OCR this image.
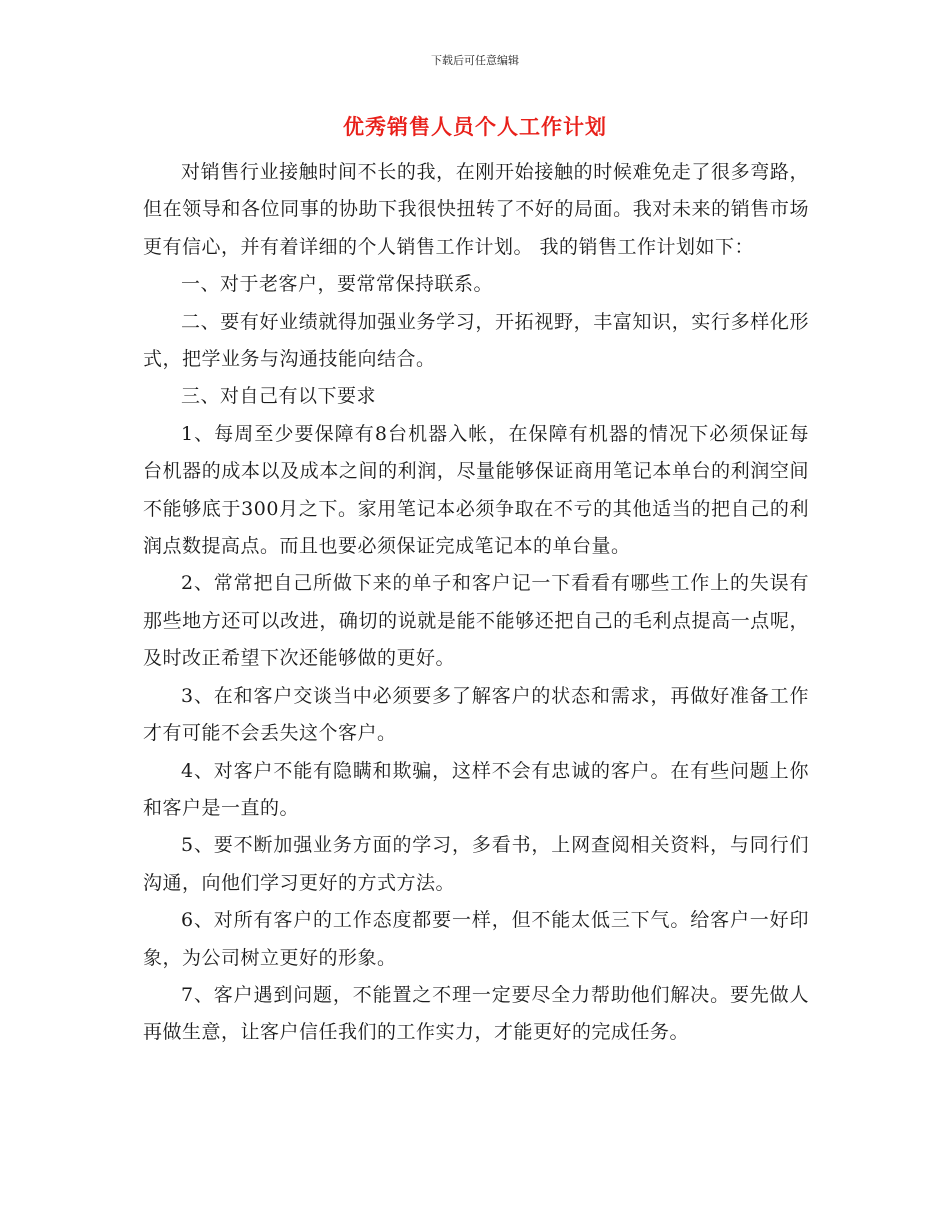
下载后可任意编辑
优秀销售人员个人工作计划

对销售行业接触时间不长的我，在刚开始接触的时候难免走了很多弯路，但在领导和各位同事的协助下我很快扭转了不好的局面。我对未来的销售市场更有信心，并有着详细的个人销售工作计划。 我的销售工作计划如下：

一、对于老客户，要常常保持联系。

二、要有好业绩就得加强业务学习，开拓视野，丰富知识，实行多样化形式，把学业务与沟通技能向结合。

三、对自己有以下要求

1、每周至少要保障有8台机器入帐，在保障有机器的情况下必须保证每台机器的成本以及成本之间的利润，尽量能够保证商用笔记本单台的利润空间不能够底于300月之下。家用笔记本必须争取在不亏的其他适当的把自己的利润点数提高点。而且也要必须保证完成笔记本的单台量。

2、常常把自己所做下来的单子和客户记一下看看有哪些工作上的失误有那些地方还可以改进，确切的说就是能不能够还把自己的毛利点提高一点呢，及时改正希望下次还能够做的更好。

3、在和客户交谈当中必须要多了解客户的状态和需求，再做好准备工作才有可能不会丢失这个客户。

4、对客户不能有隐瞒和欺骗，这样不会有忠诚的客户。在有些问题上你和客户是一直的。

5、要不断加强业务方面的学习，多看书，上网查阅相关资料，与同行们沟通，向他们学习更好的方式方法。

6、对所有客户的工作态度都要一样，但不能太低三下气。给客户一好印象，为公司树立更好的形象。

7、客户遇到问题，不能置之不理一定要尽全力帮助他们解决。要先做人再做生意，让客户信任我们的工作实力，才能更好的完成任务。
